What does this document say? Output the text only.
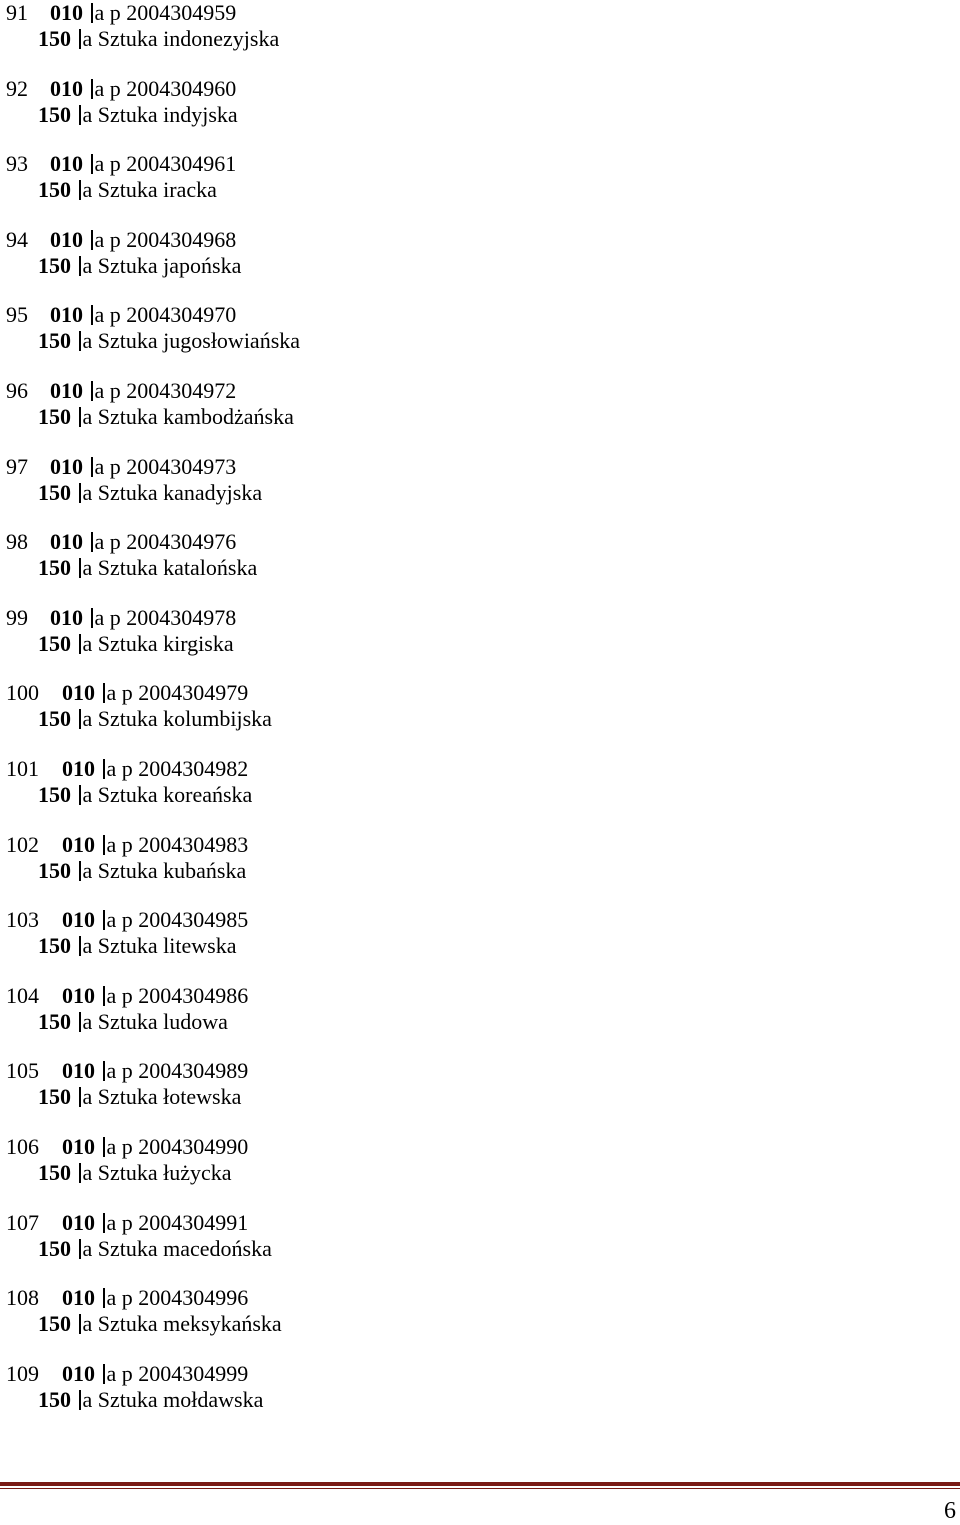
91 010 a p 2004304959
150 a Sztuka indonezyjska
92 010 a p 2004304960
150 a Sztuka indyjska
93 010 a p 2004304961
150 a Sztuka iracka
94 010 a p 2004304968
150 a Sztuka japońska
95 010 a p 2004304970
150 a Sztuka jugosłowiańska
96 010 a p 2004304972
150 a Sztuka kambodżańska
97 010 a p 2004304973
150 a Sztuka kanadyjska
98 010 a p 2004304976
150 a Sztuka katalońska
99 010 a p 2004304978
150 a Sztuka kirgiska
100 010 a p 2004304979
150 a Sztuka kolumbijska
101 010 a p 2004304982
150 a Sztuka koreańska
102 010 a p 2004304983
150 a Sztuka kubańska
103 010 a p 2004304985
150 a Sztuka litewska
104 010 a p 2004304986
150 a Sztuka ludowa
105 010 a p 2004304989
150 a Sztuka łotewska
106 010 a p 2004304990
150 a Sztuka łużycka
107 010 a p 2004304991
150 a Sztuka macedońska
108 010 a p 2004304996
150 a Sztuka meksykańska
109 010 a p 2004304999
150 a Sztuka mołdawska
6
